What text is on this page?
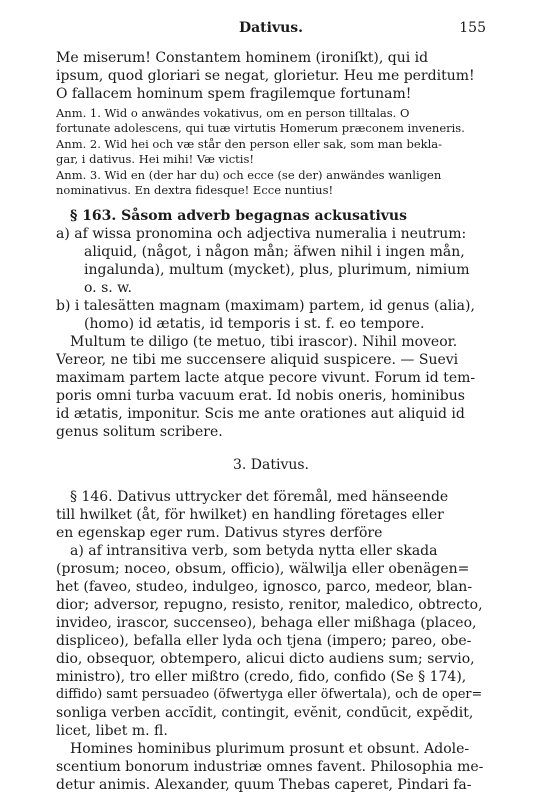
Dativus.	155
Me miserum! Constantem hominem (ironiſkt), qui id
ipsum, quod gloriari se negat, glorietur. Heu me perditum!
O fallacem hominum spem fragilemque fortunam!
Anm. 1. Wid o anwändes vokativus, om en person tilltalas. O
fortunate adolescens, qui tuæ virtutis Homerum præconem inveneris.
Anm. 2. Wid hei och væ står den person eller sak, som man bekla-
gar, i dativus. Hei mihi! Væ victis!
Anm. 3. Wid en (der har du) och ecce (se der) anwändes wanligen
nominativus. En dextra fidesque! Ecce nuntius!
§ 163. Såsom adverb begagnas ackusativus
a) af wissa pronomina och adjectiva numeralia i neutrum:
aliquid, (något, i någon mån; äfwen nihil i ingen mån,
ingalunda), multum (mycket), plus, plurimum, nimium
o. s. w.
b) i talesätten magnam (maximam) partem, id genus (alia),
(homo) id ætatis, id temporis i st. f. eo tempore.
Multum te diligo (te metuo, tibi irascor). Nihil moveor.
Vereor, ne tibi me succensere aliquid suspicere. — Suevi
maximam partem lacte atque pecore vivunt. Forum id tem-
poris omni turba vacuum erat. Id nobis oneris, hominibus
id ætatis, imponitur. Scis me ante orationes aut aliquid id
genus solitum scribere.
3. Dativus.
§ 146. Dativus uttrycker det föremål, med hänseende
till hwilket (åt, för hwilket) en handling företages eller
en egenskap eger rum. Dativus styres derföre
a) af intransitiva verb, som betyda nytta eller skada
(prosum; noceo, obsum, officio), wälwilja eller obenägen=
het (faveo, studeo, indulgeo, ignosco, parco, medeor, blan-
dior; adversor, repugno, resisto, renitor, maledico, obtrecto,
invideo, irascor, succenseo), behaga eller mißhaga (placeo,
displiceo), befalla eller lyda och tjena (impero; pareo, obe-
dio, obsequor, obtempero, alicui dicto audiens sum; servio,
ministro), tro eller mißtro (credo, fido, confido (Se § 174),
diffido) samt persuadeo (öfwertyga eller öfwertala), och de oper=
sonliga verben accĭdit, contingit, evĕnit, condūcit, expĕdit,
licet, libet m. fl.
Homines hominibus plurimum prosunt et obsunt. Adole-
scentium bonorum industriæ omnes favent. Philosophia me-
detur animis. Alexander, quum Thebas caperet, Pindari fa-
